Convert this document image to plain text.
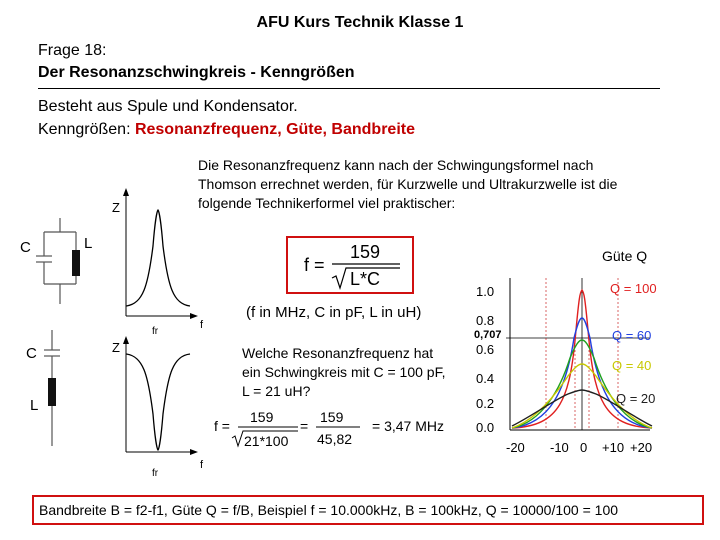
AFU Kurs Technik Klasse 1
Frage 18:
Der Resonanzschwingkreis - Kenngrößen
Besteht aus Spule und Kondensator.
Kenngrößen: Resonanzfrequenz, Güte, Bandbreite
Die Resonanzfrequenz kann nach der Schwingungsformel nach Thomson errechnet werden, für Kurzwelle und Ultrakurzwelle ist die folgende Technikerformel viel praktischer:
f =
159
L*C
(f in MHz, C in pF, L in uH)
Welche Resonanzfrequenz hat ein Schwingkreis mit C = 100 pF, L = 21 uH?
f =
159
21*100
=
159
45,82
= 3,47 MHz
C	L
C
L
Z
f
fr
Z
f
fr
Güte Q
1.0
0.8
0,707
0.6
0.4
0.2
0.0
-20 -10 0 +10 +20
Q = 100
Q = 60
Q = 40
Q = 20
Bandbreite B = f2-f1, Güte Q = f/B, Beispiel f = 10.000kHz, B = 100kHz, Q = 10000/100 = 100
